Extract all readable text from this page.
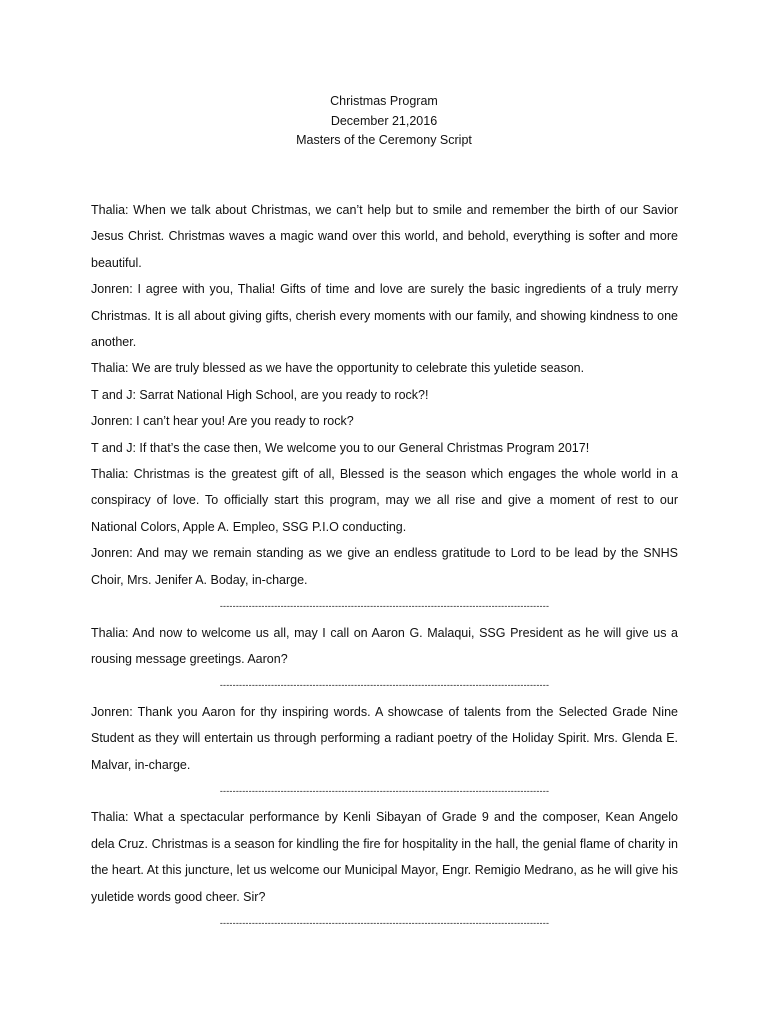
Christmas Program
December 21,2016
Masters of the Ceremony Script

Thalia: When we talk about Christmas, we can’t help but to smile and remember the birth of our Savior Jesus Christ. Christmas waves a magic wand over this world, and behold, everything is softer and more beautiful.

Jonren: I agree with you, Thalia! Gifts of time and love are surely the basic ingredients of a truly merry Christmas. It is all about giving gifts, cherish every moments with our family, and showing kindness to one another.

Thalia: We are truly blessed as we have the opportunity to celebrate this yuletide season.

T and J: Sarrat National High School, are you ready to rock?!

Jonren: I can’t hear you! Are you ready to rock?

T and J: If that’s the case then, We welcome you to our General Christmas Program 2017!

Thalia: Christmas is the greatest gift of all, Blessed is the season which engages the whole world in a conspiracy of love. To officially start this program, may we all rise and give a moment of rest to our National Colors, Apple A. Empleo, SSG P.I.O conducting.

Jonren: And may we remain standing as we give an endless gratitude to Lord to be lead by the SNHS Choir, Mrs. Jenifer A. Boday, in-charge.

-------------------------------------------------------------------------------------------------------

Thalia: And now to welcome us all, may I call on Aaron G. Malaqui, SSG President as he will give us a rousing message greetings. Aaron?

-------------------------------------------------------------------------------------------------------

Jonren: Thank you Aaron for thy inspiring words. A showcase of talents from the Selected Grade Nine Student as they will entertain us through performing a radiant poetry of the Holiday Spirit. Mrs. Glenda E. Malvar, in-charge.

-------------------------------------------------------------------------------------------------------

Thalia: What a spectacular performance by Kenli Sibayan of Grade 9 and the composer, Kean Angelo dela Cruz. Christmas is a season for kindling the fire for hospitality in the hall, the genial flame of charity in the heart. At this juncture, let us welcome our Municipal Mayor, Engr. Remigio Medrano, as he will give his yuletide words good cheer. Sir?

-------------------------------------------------------------------------------------------------------
